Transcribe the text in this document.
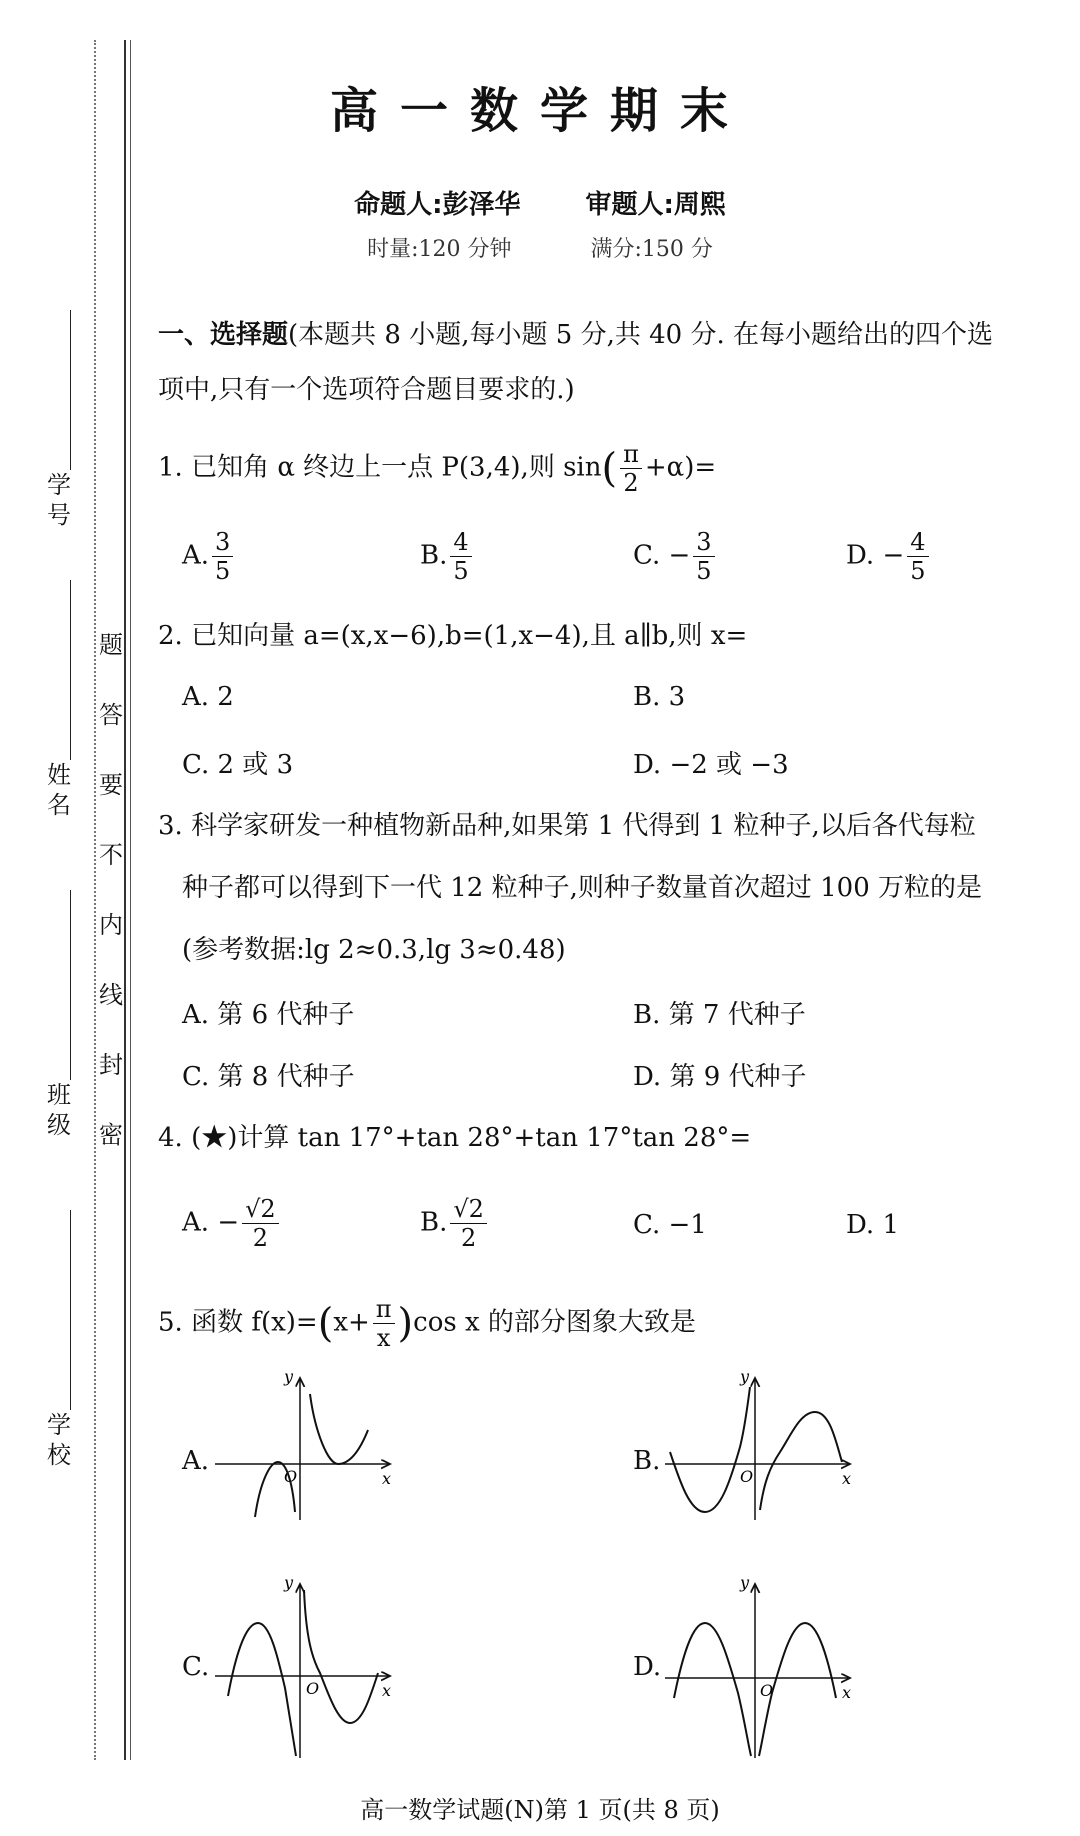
学号
姓名
班级
学校
密
封
线
内
不
要
答
题
高一数学期末
命题人:彭泽华	审题人:周熙
时量:120 分钟	满分:150 分
一、选择题(本题共 8 小题,每小题 5 分,共 40 分. 在每小题给出的四个选
项中,只有一个选项符合题目要求的.)
1. 已知角 α 终边上一点 P(3,4),则 $\sin( \frac{\pi}{2} +\alpha)=$
A. $\frac{3}{5}$	B. $\frac{4}{5}$	C. − $\frac{3}{5}$	D. − $\frac{4}{5}$
2. 已知向量 a=(x,x−6),b=(1,x−4),且 a∥b,则 x=
A. 2	B. 3
C. 2 或 3	D. −2 或 −3
3. 科学家研发一种植物新品种,如果第 1 代得到 1 粒种子,以后各代每粒
种子都可以得到下一代 12 粒种子,则种子数量首次超过 100 万粒的是
(参考数据:lg 2≈0.3,lg 3≈0.48)
A. 第 6 代种子	B. 第 7 代种子
C. 第 8 代种子	D. 第 9 代种子
4. (★)计算 tan 17°+tan 28°+tan 17°tan 28°=
A. − $\frac{√2}{2}$	B. $\frac{√2}{2}$	C. −1	D. 1
5. 函数 $f(x)=(x+ \frac{\pi}{x} )\cos$ x 的部分图象大致是
A.	B.
C.	D.
y
x
O
y
x
O
y
x
O
y
x
O
高一数学试题(N)第 1 页(共 8 页)
